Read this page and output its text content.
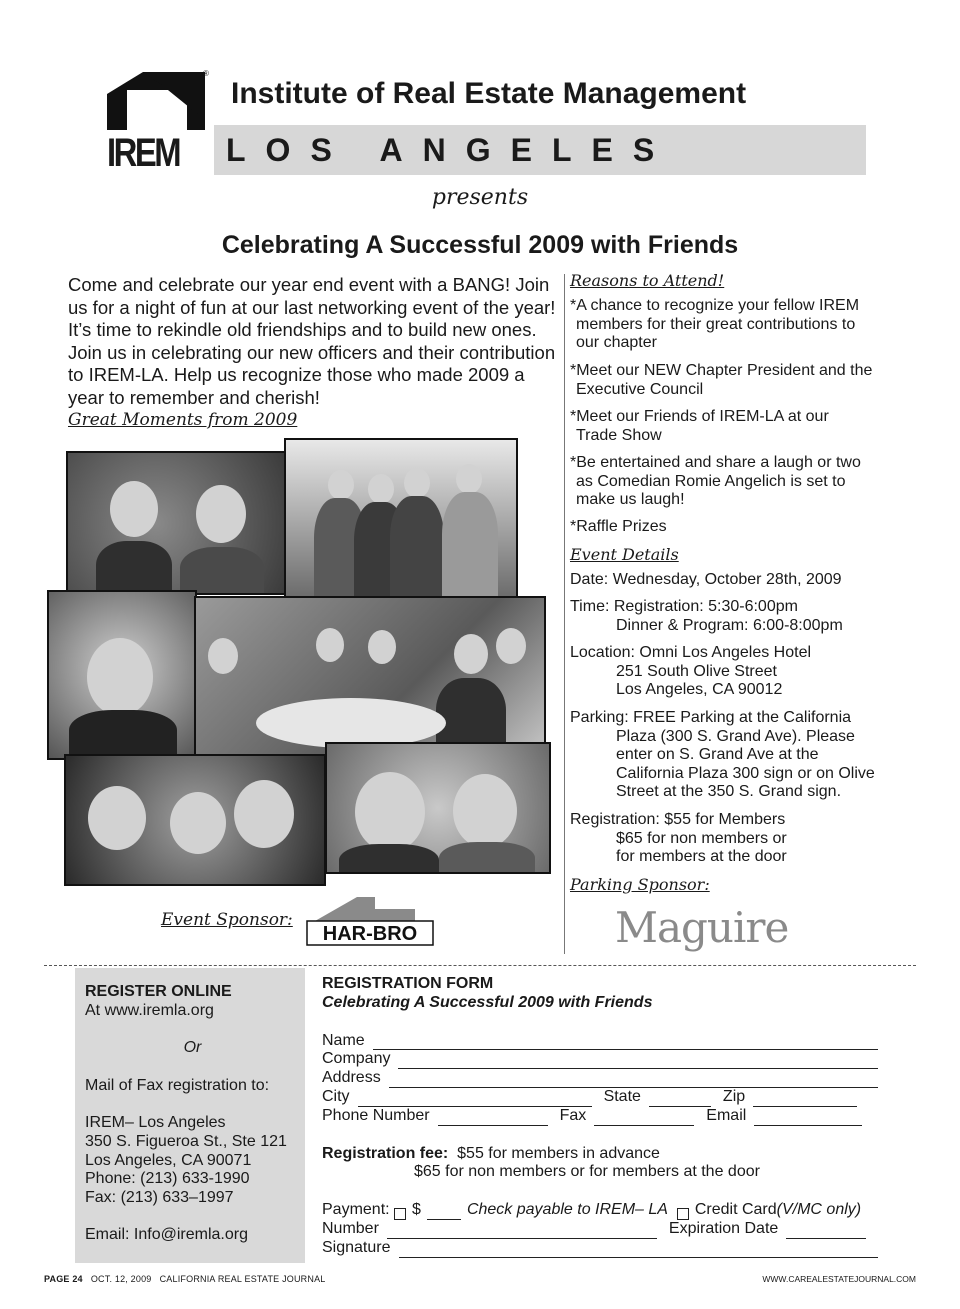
®
IREM
Institute of Real Estate Management
LOS ANGELES
presents
Celebrating A Successful 2009 with Friends
Come and celebrate our year end event with a BANG! Join us for a night of fun at our last networking event of the year! It’s time to rekindle old friendships and to build new ones. Join us in celebrating our new officers and their contribution to IREM-LA. Help us recognize those who made 2009 a year to remember and cherish!
Great Moments from 2009
Event Sponsor:
HAR-BRO
Reasons to Attend!
*A chance to recognize your fellow IREM
members for their great contributions to
our chapter
*Meet our NEW Chapter President and the
Executive Council
*Meet our Friends of IREM-LA at our
Trade Show
*Be entertained and share a laugh or two
as Comedian Romie Angelich is set to
make us laugh!
*Raffle Prizes
Event Details
Date: Wednesday, October 28th, 2009
Time: Registration: 5:30-6:00pm
Dinner & Program: 6:00-8:00pm
Location: Omni Los Angeles Hotel
251 South Olive Street
Los Angeles, CA 90012
Parking: FREE Parking at the California
Plaza (300 S. Grand Ave). Please
enter on S. Grand Ave at the
California Plaza 300 sign or on Olive
Street at the 350 S. Grand sign.
Registration: $55 for Members
$65 for non members or
for members at the door
Parking Sponsor:
Maguire
REGISTER ONLINE
At www.iremla.org
Or
Mail of Fax registration to:
IREM– Los Angeles
350 S. Figueroa St., Ste 121
Los Angeles, CA 90071
Phone: (213) 633-1990
Fax: (213) 633–1997
Email: Info@iremla.org
REGISTRATION FORM
Celebrating A Successful 2009 with Friends
Name
Company
Address
City	State	Zip
Phone Number	Fax	Email
Registration fee: $55 for members in advance
$65 for non members or for members at the door
Payment:
$	Check payable to IREM– LA
Credit Card (V/MC only)
Number	Expiration Date
Signature
PAGE 24 OCT. 12, 2009 CALIFORNIA REAL ESTATE JOURNAL	WWW.CAREALESTATEJOURNAL.COM
